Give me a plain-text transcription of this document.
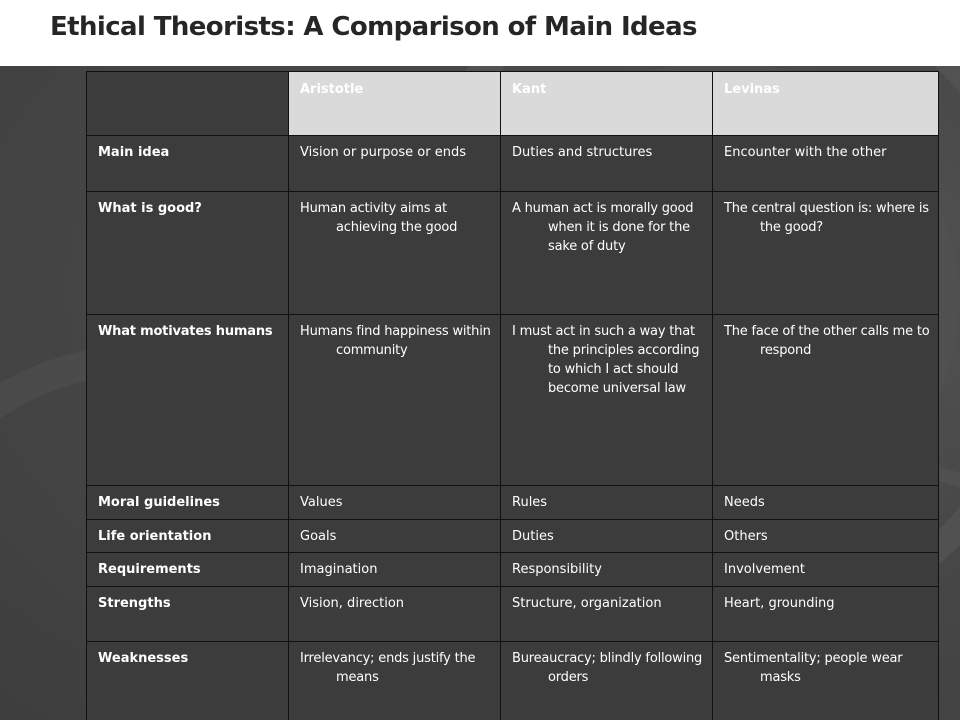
Ethical Theorists: A Comparison of Main Ideas
	Aristotle	Kant	Levinas
Main idea	Vision or purpose or ends	Duties and structures	Encounter with the other
What is good?	Human activity aims at achieving the good	A human act is morally good when it is done for the sake of duty	The central question is: where is the good?

What motivates humans	Humans find happiness within community	I must act in such a way that the principles according to which I act should become universal law	The face of the other calls me to respond

Moral guidelines	Values	Rules	Needs
Life orientation	Goals	Duties	Others
Requirements	Imagination	Responsibility	Involvement
Strengths	Vision, direction	Structure, organization	Heart, grounding
Weaknesses	Irrelevancy; ends justify the means	Bureaucracy; blindly following orders	Sentimentality; people wear masks
